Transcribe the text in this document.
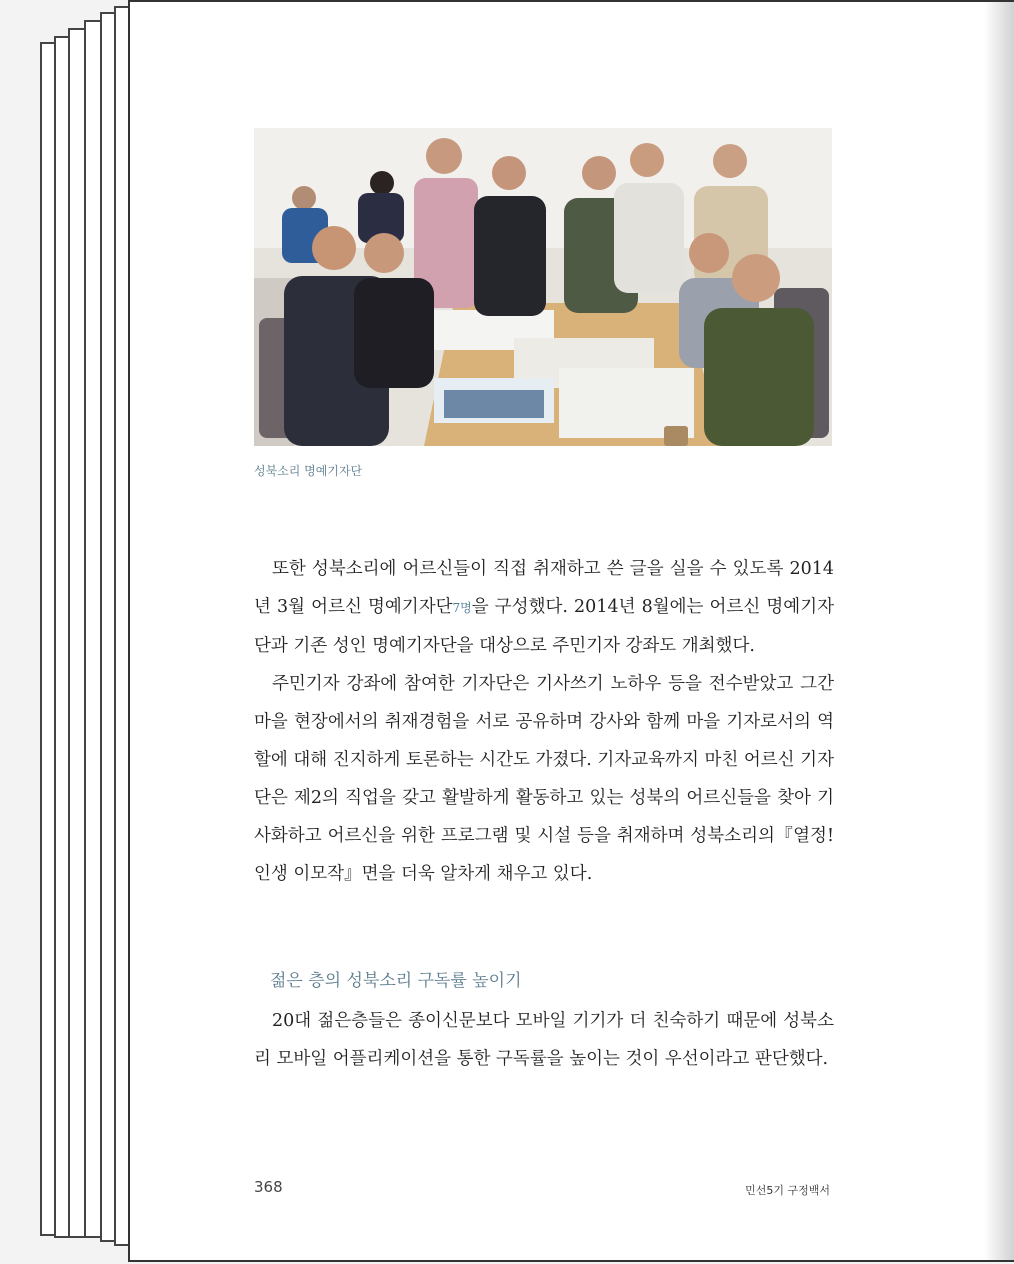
성북소리 명예기자단

또한 성북소리에 어르신들이 직접 취재하고 쓴 글을 실을 수 있도록 2014년 3월 어르신 명예기자단7명을 구성했다. 2014년 8월에는 어르신 명예기자단과 기존 성인 명예기자단을 대상으로 주민기자 강좌도 개최했다.

주민기자 강좌에 참여한 기자단은 기사쓰기 노하우 등을 전수받았고 그간 마을 현장에서의 취재경험을 서로 공유하며 강사와 함께 마을 기자로서의 역할에 대해 진지하게 토론하는 시간도 가졌다. 기자교육까지 마친 어르신 기자단은 제2의 직업을 갖고 활발하게 활동하고 있는 성북의 어르신들을 찾아 기사화하고 어르신을 위한 프로그램 및 시설 등을 취재하며 성북소리의『열정! 인생 이모작』면을 더욱 알차게 채우고 있다.

젊은 층의 성북소리 구독률 높이기

20대 젊은층들은 종이신문보다 모바일 기기가 더 친숙하기 때문에 성북소리 모바일 어플리케이션을 통한 구독률을 높이는 것이 우선이라고 판단했다.

368	민선5기 구정백서
